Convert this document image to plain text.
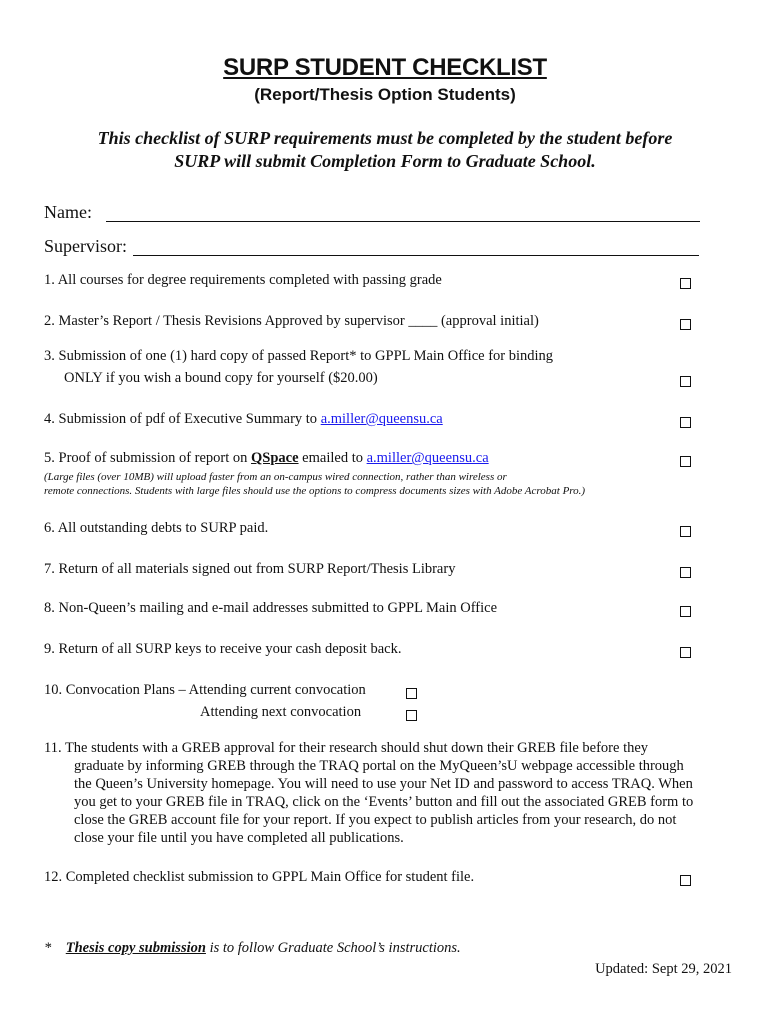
SURP STUDENT CHECKLIST
(Report/Thesis Option Students)
This checklist of SURP requirements must be completed by the student before
SURP will submit Completion Form to Graduate School.
Name:
Supervisor:
1. All courses for degree requirements completed with passing grade
2. Master’s Report / Thesis Revisions Approved by supervisor ____ (approval initial)
3. Submission of one (1) hard copy of passed Report* to GPPL Main Office for binding
ONLY if you wish a bound copy for yourself ($20.00)
4. Submission of pdf of Executive Summary to a.miller@queensu.ca
5. Proof of submission of report on QSpace emailed to a.miller@queensu.ca
(Large files (over 10MB) will upload faster from an on-campus wired connection, rather than wireless or
remote connections. Students with large files should use the options to compress documents sizes with Adobe Acrobat Pro.)
6. All outstanding debts to SURP paid.
7. Return of all materials signed out from SURP Report/Thesis Library
8. Non-Queen’s mailing and e-mail addresses submitted to GPPL Main Office
9. Return of all SURP keys to receive your cash deposit back.
10. Convocation Plans – Attending current convocation
Attending next convocation
11. The students with a GREB approval for their research should shut down their GREB file before they
graduate by informing GREB through the TRAQ portal on the MyQueen’sU webpage accessible through
the Queen’s University homepage. You will need to use your Net ID and password to access TRAQ. When
you get to your GREB file in TRAQ, click on the ‘Events’ button and fill out the associated GREB form to
close the GREB account file for your report. If you expect to publish articles from your research, do not
close your file until you have completed all publications.
12. Completed checklist submission to GPPL Main Office for student file.
* Thesis copy submission is to follow Graduate School’s instructions.
Updated: Sept 29, 2021
